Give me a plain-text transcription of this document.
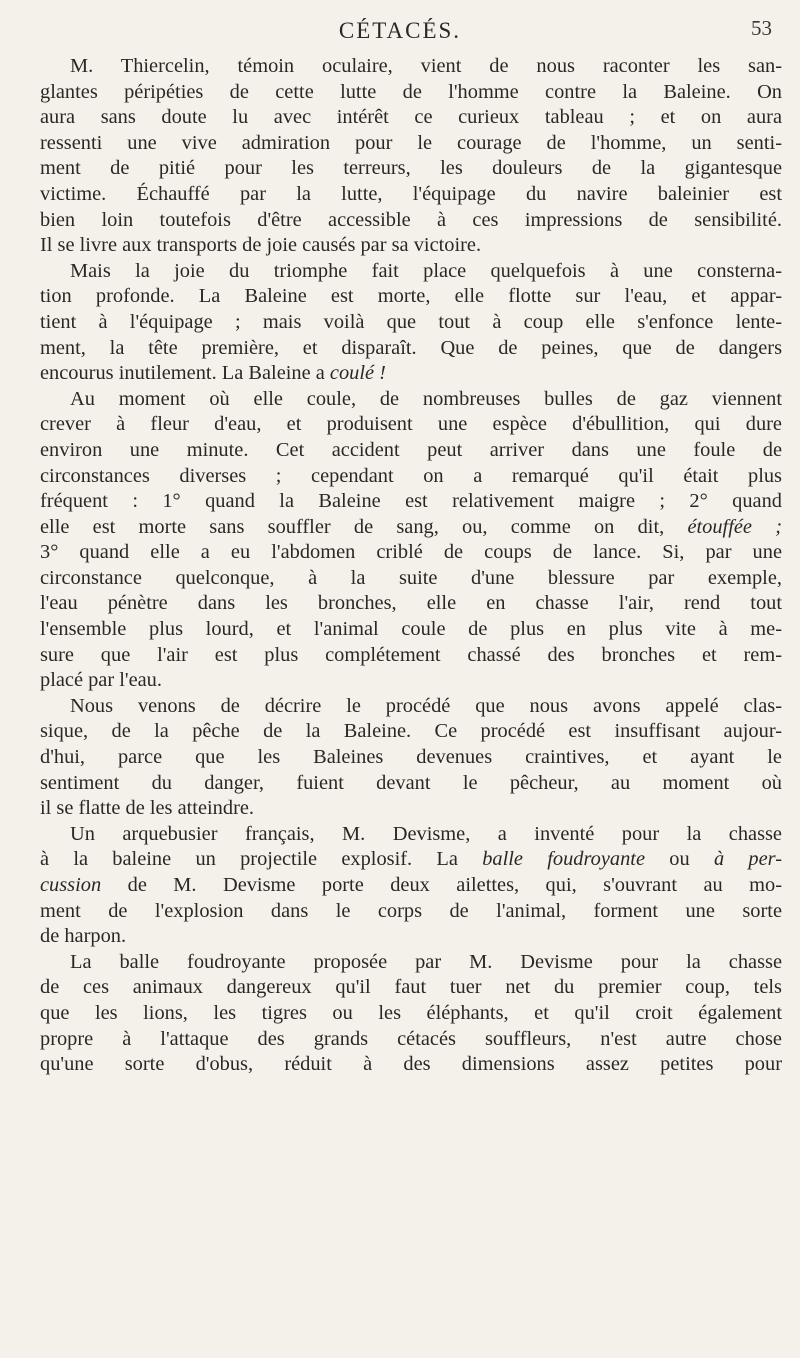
CÉTACÉS.	53

M. Thiercelin, témoin oculaire, vient de nous raconter les san-
glantes péripéties de cette lutte de l'homme contre la Baleine. On
aura sans doute lu avec intérêt ce curieux tableau ; et on aura
ressenti une vive admiration pour le courage de l'homme, un senti-
ment de pitié pour les terreurs, les douleurs de la gigantesque
victime. Échauffé par la lutte, l'équipage du navire baleinier est
bien loin toutefois d'être accessible à ces impressions de sensibilité.
Il se livre aux transports de joie causés par sa victoire.

Mais la joie du triomphe fait place quelquefois à une consterna-
tion profonde. La Baleine est morte, elle flotte sur l'eau, et appar-
tient à l'équipage ; mais voilà que tout à coup elle s'enfonce lente-
ment, la tête première, et disparaît. Que de peines, que de dangers
encourus inutilement. La Baleine a coulé !

Au moment où elle coule, de nombreuses bulles de gaz viennent
crever à fleur d'eau, et produisent une espèce d'ébullition, qui dure
environ une minute. Cet accident peut arriver dans une foule de
circonstances diverses ; cependant on a remarqué qu'il était plus
fréquent : 1° quand la Baleine est relativement maigre ; 2° quand
elle est morte sans souffler de sang, ou, comme on dit, étouffée ;
3° quand elle a eu l'abdomen criblé de coups de lance. Si, par une
circonstance quelconque, à la suite d'une blessure par exemple,
l'eau pénètre dans les bronches, elle en chasse l'air, rend tout
l'ensemble plus lourd, et l'animal coule de plus en plus vite à me-
sure que l'air est plus complétement chassé des bronches et rem-
placé par l'eau.

Nous venons de décrire le procédé que nous avons appelé clas-
sique, de la pêche de la Baleine. Ce procédé est insuffisant aujour-
d'hui, parce que les Baleines devenues craintives, et ayant le
sentiment du danger, fuient devant le pêcheur, au moment où
il se flatte de les atteindre.

Un arquebusier français, M. Devisme, a inventé pour la chasse
à la baleine un projectile explosif. La balle foudroyante ou à per-
cussion de M. Devisme porte deux ailettes, qui, s'ouvrant au mo-
ment de l'explosion dans le corps de l'animal, forment une sorte
de harpon.

La balle foudroyante proposée par M. Devisme pour la chasse
de ces animaux dangereux qu'il faut tuer net du premier coup, tels
que les lions, les tigres ou les éléphants, et qu'il croit également
propre à l'attaque des grands cétacés souffleurs, n'est autre chose
qu'une sorte d'obus, réduit à des dimensions assez petites pour
